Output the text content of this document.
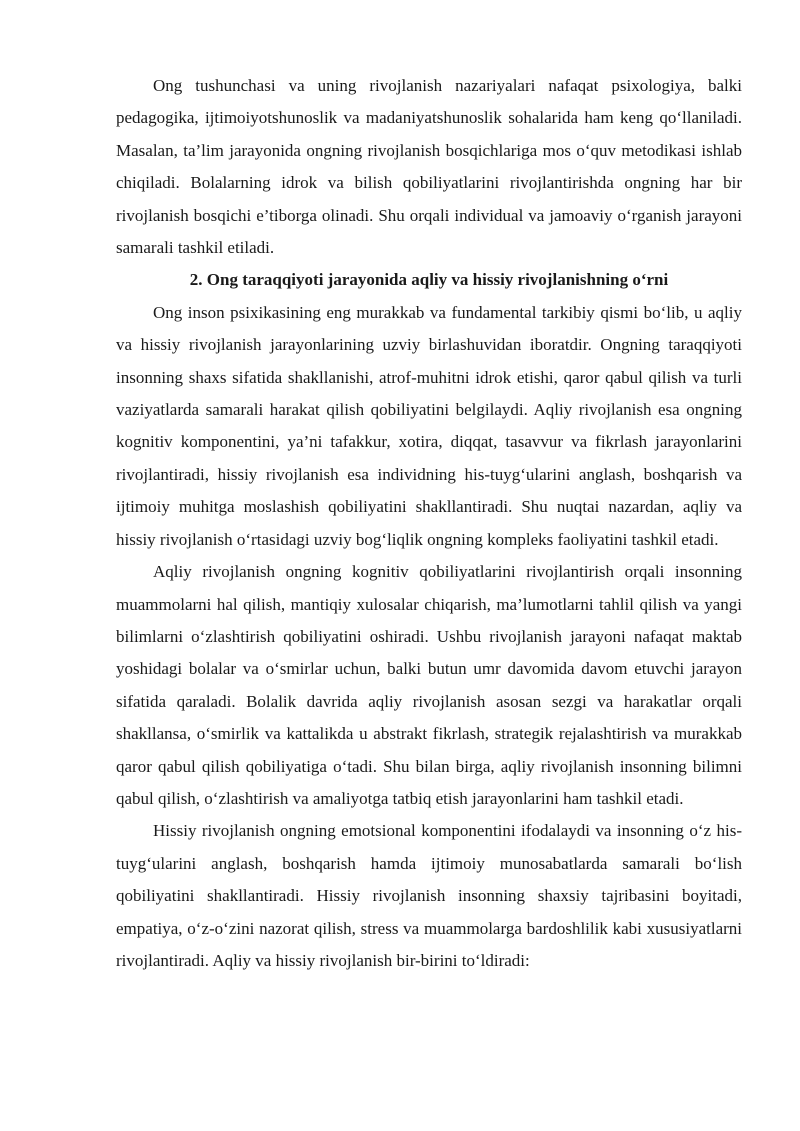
Ong tushunchasi va uning rivojlanish nazariyalari nafaqat psixologiya, balki pedagogika, ijtimoiyotshunoslik va madaniyatshunoslik sohalarida ham keng qo‘llaniladi. Masalan, ta’lim jarayonida ongning rivojlanish bosqichlariga mos o‘quv metodikasi ishlab chiqiladi. Bolalarning idrok va bilish qobiliyatlarini rivojlantirishda ongning har bir rivojlanish bosqichi e’tiborga olinadi. Shu orqali individual va jamoaviy o‘rganish jarayoni samarali tashkil etiladi.

2. Ong taraqqiyoti jarayonida aqliy va hissiy rivojlanishning o‘rni

Ong inson psixikasining eng murakkab va fundamental tarkibiy qismi bo‘lib, u aqliy va hissiy rivojlanish jarayonlarining uzviy birlashuvidan iboratdir. Ongning taraqqiyoti insonning shaxs sifatida shakllanishi, atrof-muhitni idrok etishi, qaror qabul qilish va turli vaziyatlarda samarali harakat qilish qobiliyatini belgilaydi. Aqliy rivojlanish esa ongning kognitiv komponentini, ya’ni tafakkur, xotira, diqqat, tasavvur va fikrlash jarayonlarini rivojlantiradi, hissiy rivojlanish esa individning his-tuyg‘ularini anglash, boshqarish va ijtimoiy muhitga moslashish qobiliyatini shakllantiradi. Shu nuqtai nazardan, aqliy va hissiy rivojlanish o‘rtasidagi uzviy bog‘liqlik ongning kompleks faoliyatini tashkil etadi.

Aqliy rivojlanish ongning kognitiv qobiliyatlarini rivojlantirish orqali insonning muammolarni hal qilish, mantiqiy xulosalar chiqarish, ma’lumotlarni tahlil qilish va yangi bilimlarni o‘zlashtirish qobiliyatini oshiradi. Ushbu rivojlanish jarayoni nafaqat maktab yoshidagi bolalar va o‘smirlar uchun, balki butun umr davomida davom etuvchi jarayon sifatida qaraladi. Bolalik davrida aqliy rivojlanish asosan sezgi va harakatlar orqali shakllansa, o‘smirlik va kattalikda u abstrakt fikrlash, strategik rejalashtirish va murakkab qaror qabul qilish qobiliyatiga o‘tadi. Shu bilan birga, aqliy rivojlanish insonning bilimni qabul qilish, o‘zlashtirish va amaliyotga tatbiq etish jarayonlarini ham tashkil etadi.

Hissiy rivojlanish ongning emotsional komponentini ifodalaydi va insonning o‘z his-tuyg‘ularini anglash, boshqarish hamda ijtimoiy munosabatlarda samarali bo‘lish qobiliyatini shakllantiradi. Hissiy rivojlanish insonning shaxsiy tajribasini boyitadi, empatiya, o‘z-o‘zini nazorat qilish, stress va muammolarga bardoshlilik kabi xususiyatlarni rivojlantiradi. Aqliy va hissiy rivojlanish bir-birini to‘ldiradi:
